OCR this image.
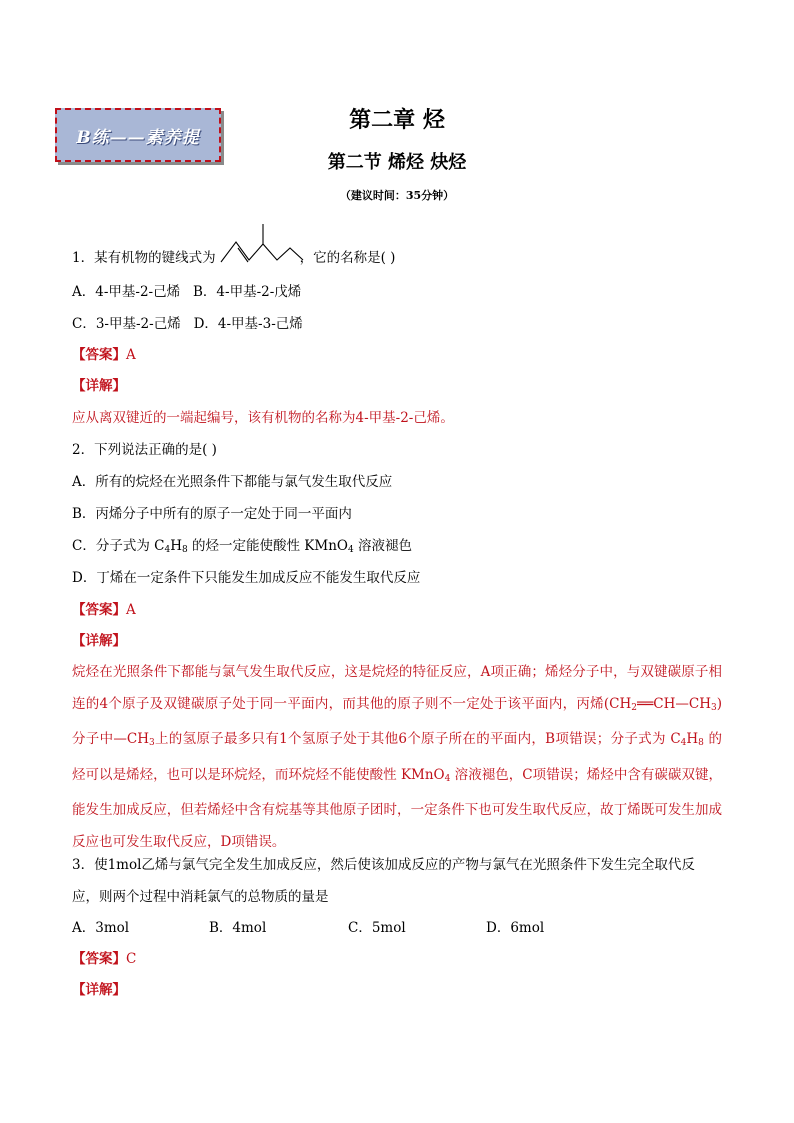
B练——素养提
第二章 烃
第二节 烯烃 炔烃
（建议时间：35分钟）
1．某有机物的键线式为	，它的名称是( )
A．4-甲基-2-己烯 B．4-甲基-2-戊烯
C．3-甲基-2-己烯 D．4-甲基-3-己烯
【答案】A
【详解】
应从离双键近的一端起编号，该有机物的名称为4-甲基-2-己烯。
2．下列说法正确的是( )
A．所有的烷烃在光照条件下都能与氯气发生取代反应
B．丙烯分子中所有的原子一定处于同一平面内
C．分子式为 $C_4H_8$ 的烃一定能使酸性 KMnO$_4$ 溶液褪色
D．丁烯在一定条件下只能发生加成反应不能发生取代反应
【答案】A
【详解】
烷烃在光照条件下都能与氯气发生取代反应，这是烷烃的特征反应，A项正确；烯烃分子中，与双键碳原子相连的4个原子及双键碳原子处于同一平面内，而其他的原子则不一定处于该平面内，丙烯$(CH_2══CH—CH_3)$分子中$—CH_3$上的氢原子最多只有1个氢原子处于其他6个原子所在的平面内，B项错误；分子式为 $C_4H_8$ 的烃可以是烯烃，也可以是环烷烃，而环烷烃不能使酸性 KMnO$_4$ 溶液褪色，C项错误；烯烃中含有碳碳双键，能发生加成反应，但若烯烃中含有烷基等其他原子团时，一定条件下也可发生取代反应，故丁烯既可发生加成反应也可发生取代反应，D项错误。
3．使1mol乙烯与氯气完全发生加成反应，然后使该加成反应的产物与氯气在光照条件下发生完全取代反
应，则两个过程中消耗氯气的总物质的量是
A．3mol	B．4mol	C．5mol	D．6mol
【答案】C
【详解】
